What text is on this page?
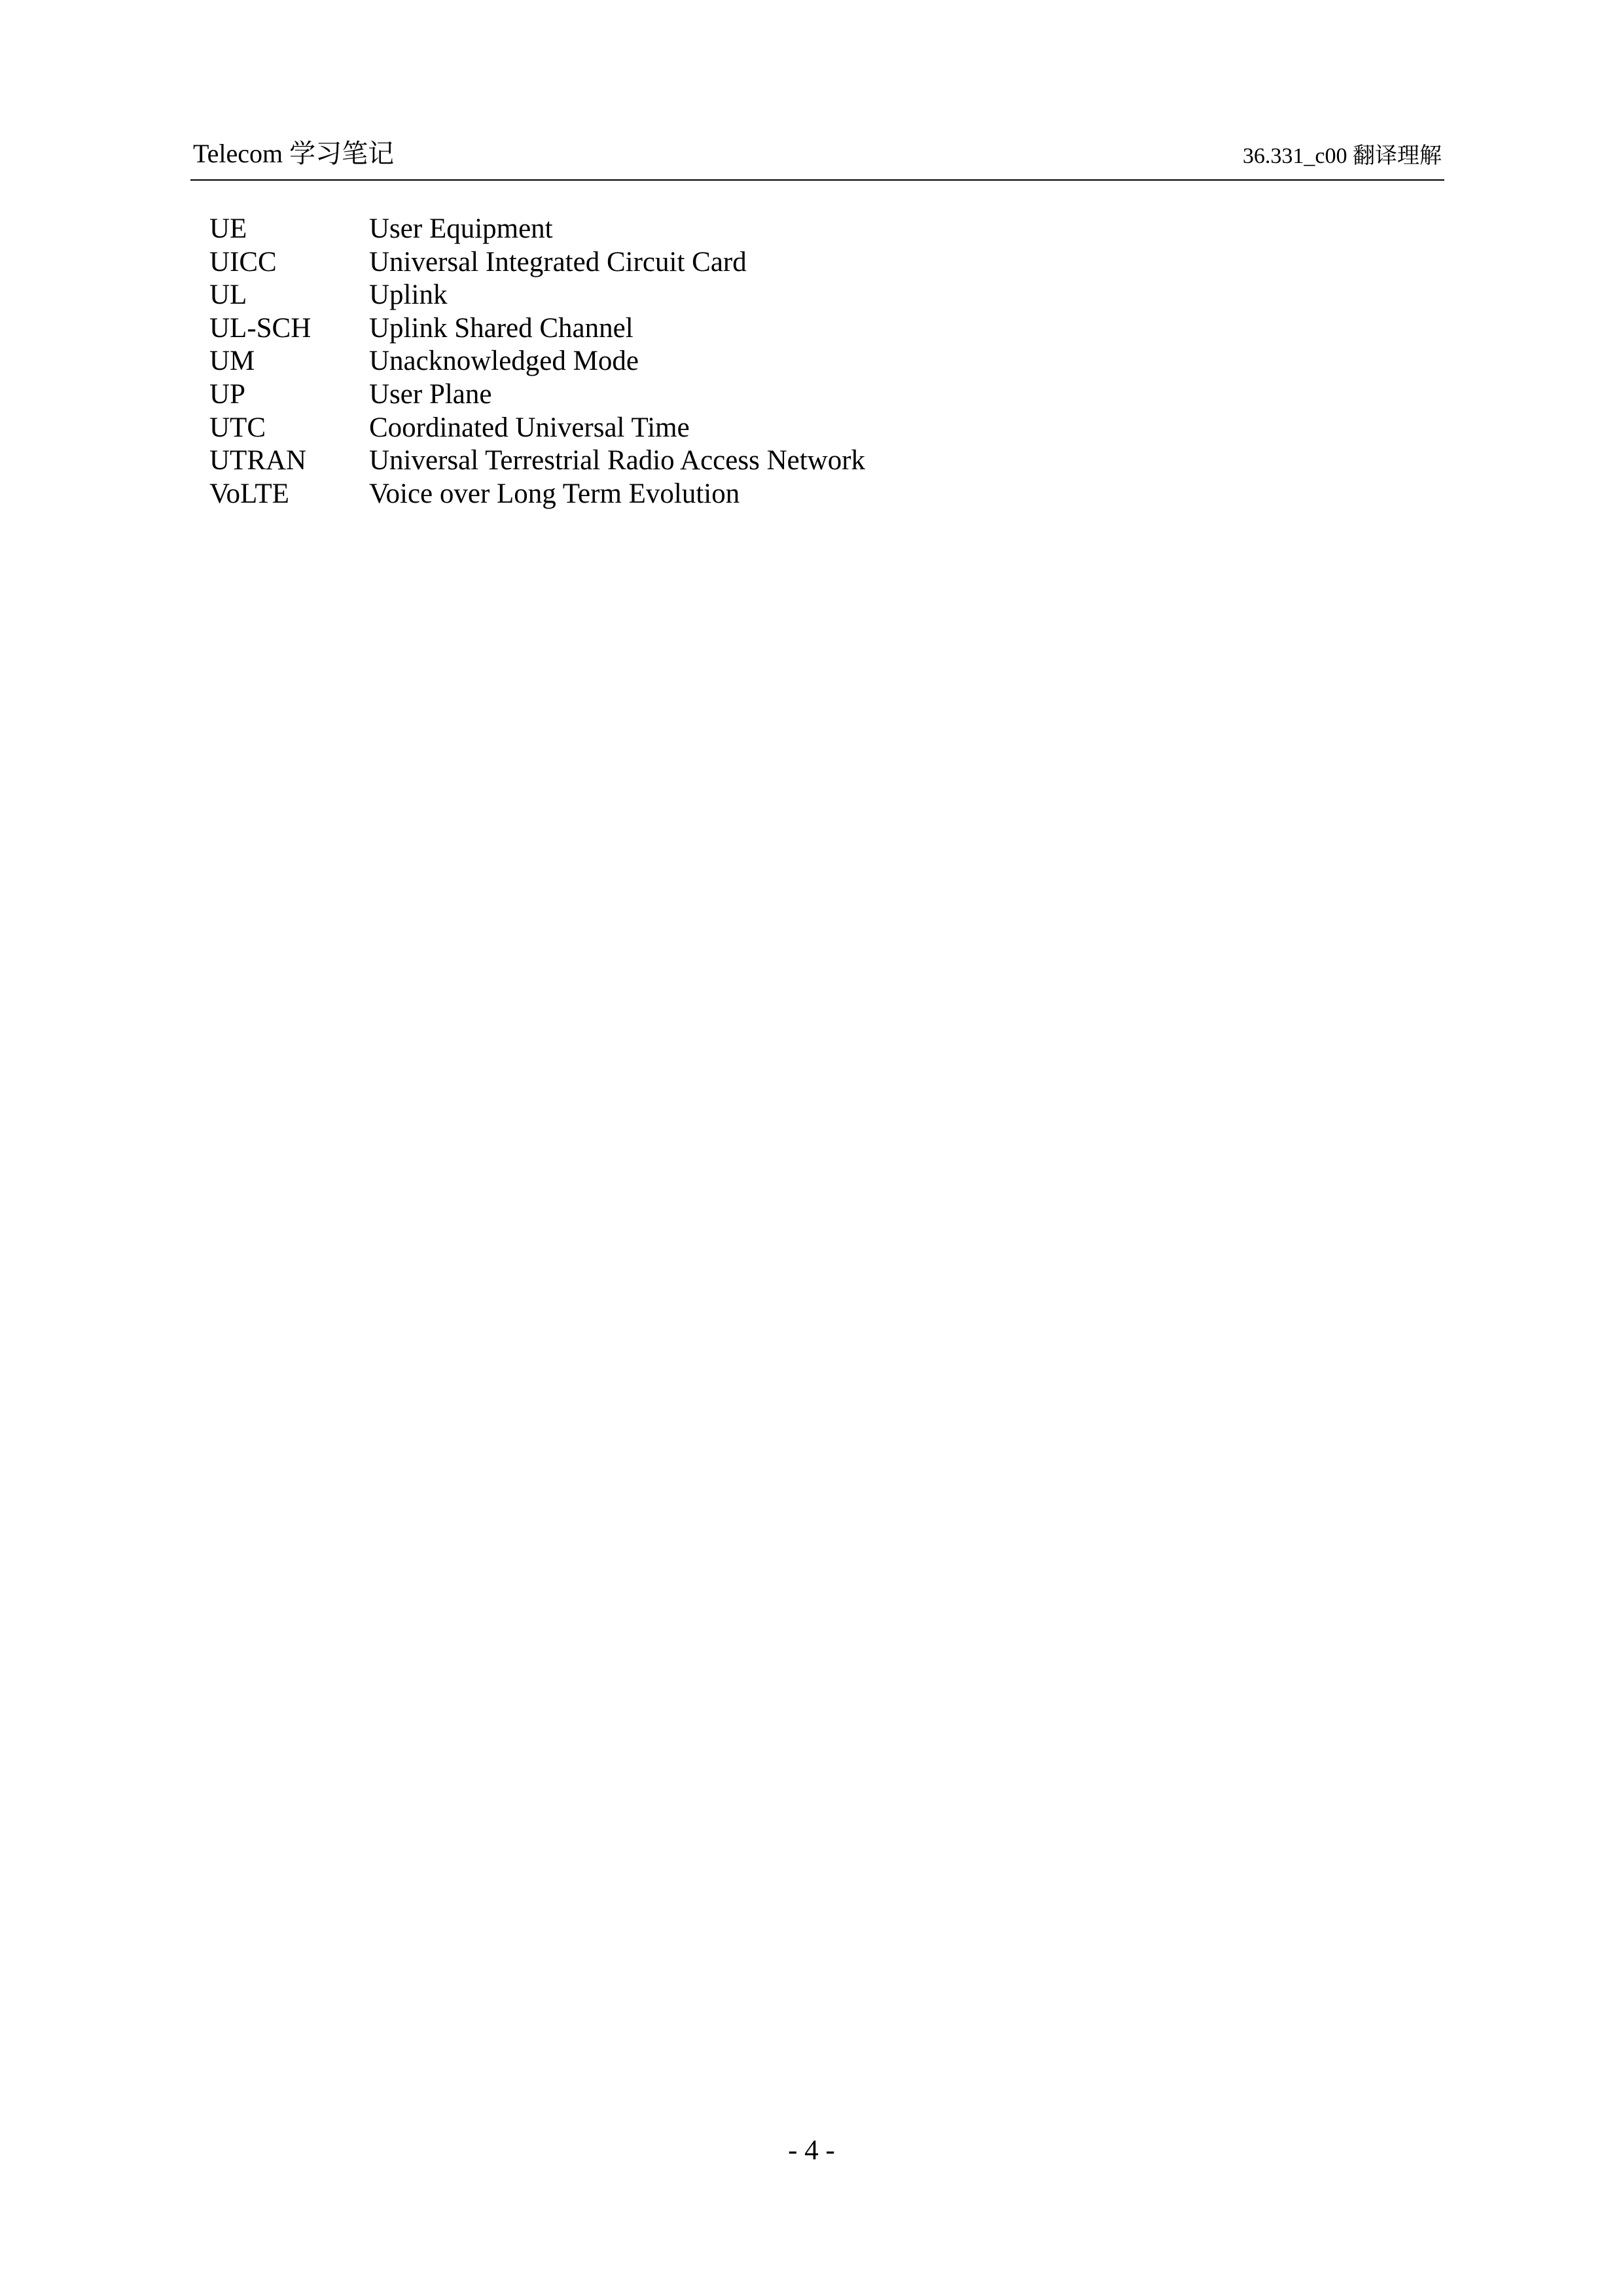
Telecom 学习笔记	36.331_c00 翻译理解
UE	User Equipment
UICC	Universal Integrated Circuit Card
UL	Uplink
UL-SCH Uplink Shared Channel
UM	Unacknowledged Mode
UP	User Plane
UTC	Coordinated Universal Time
UTRAN Universal Terrestrial Radio Access Network
VoLTE	Voice over Long Term Evolution
- 4 -
